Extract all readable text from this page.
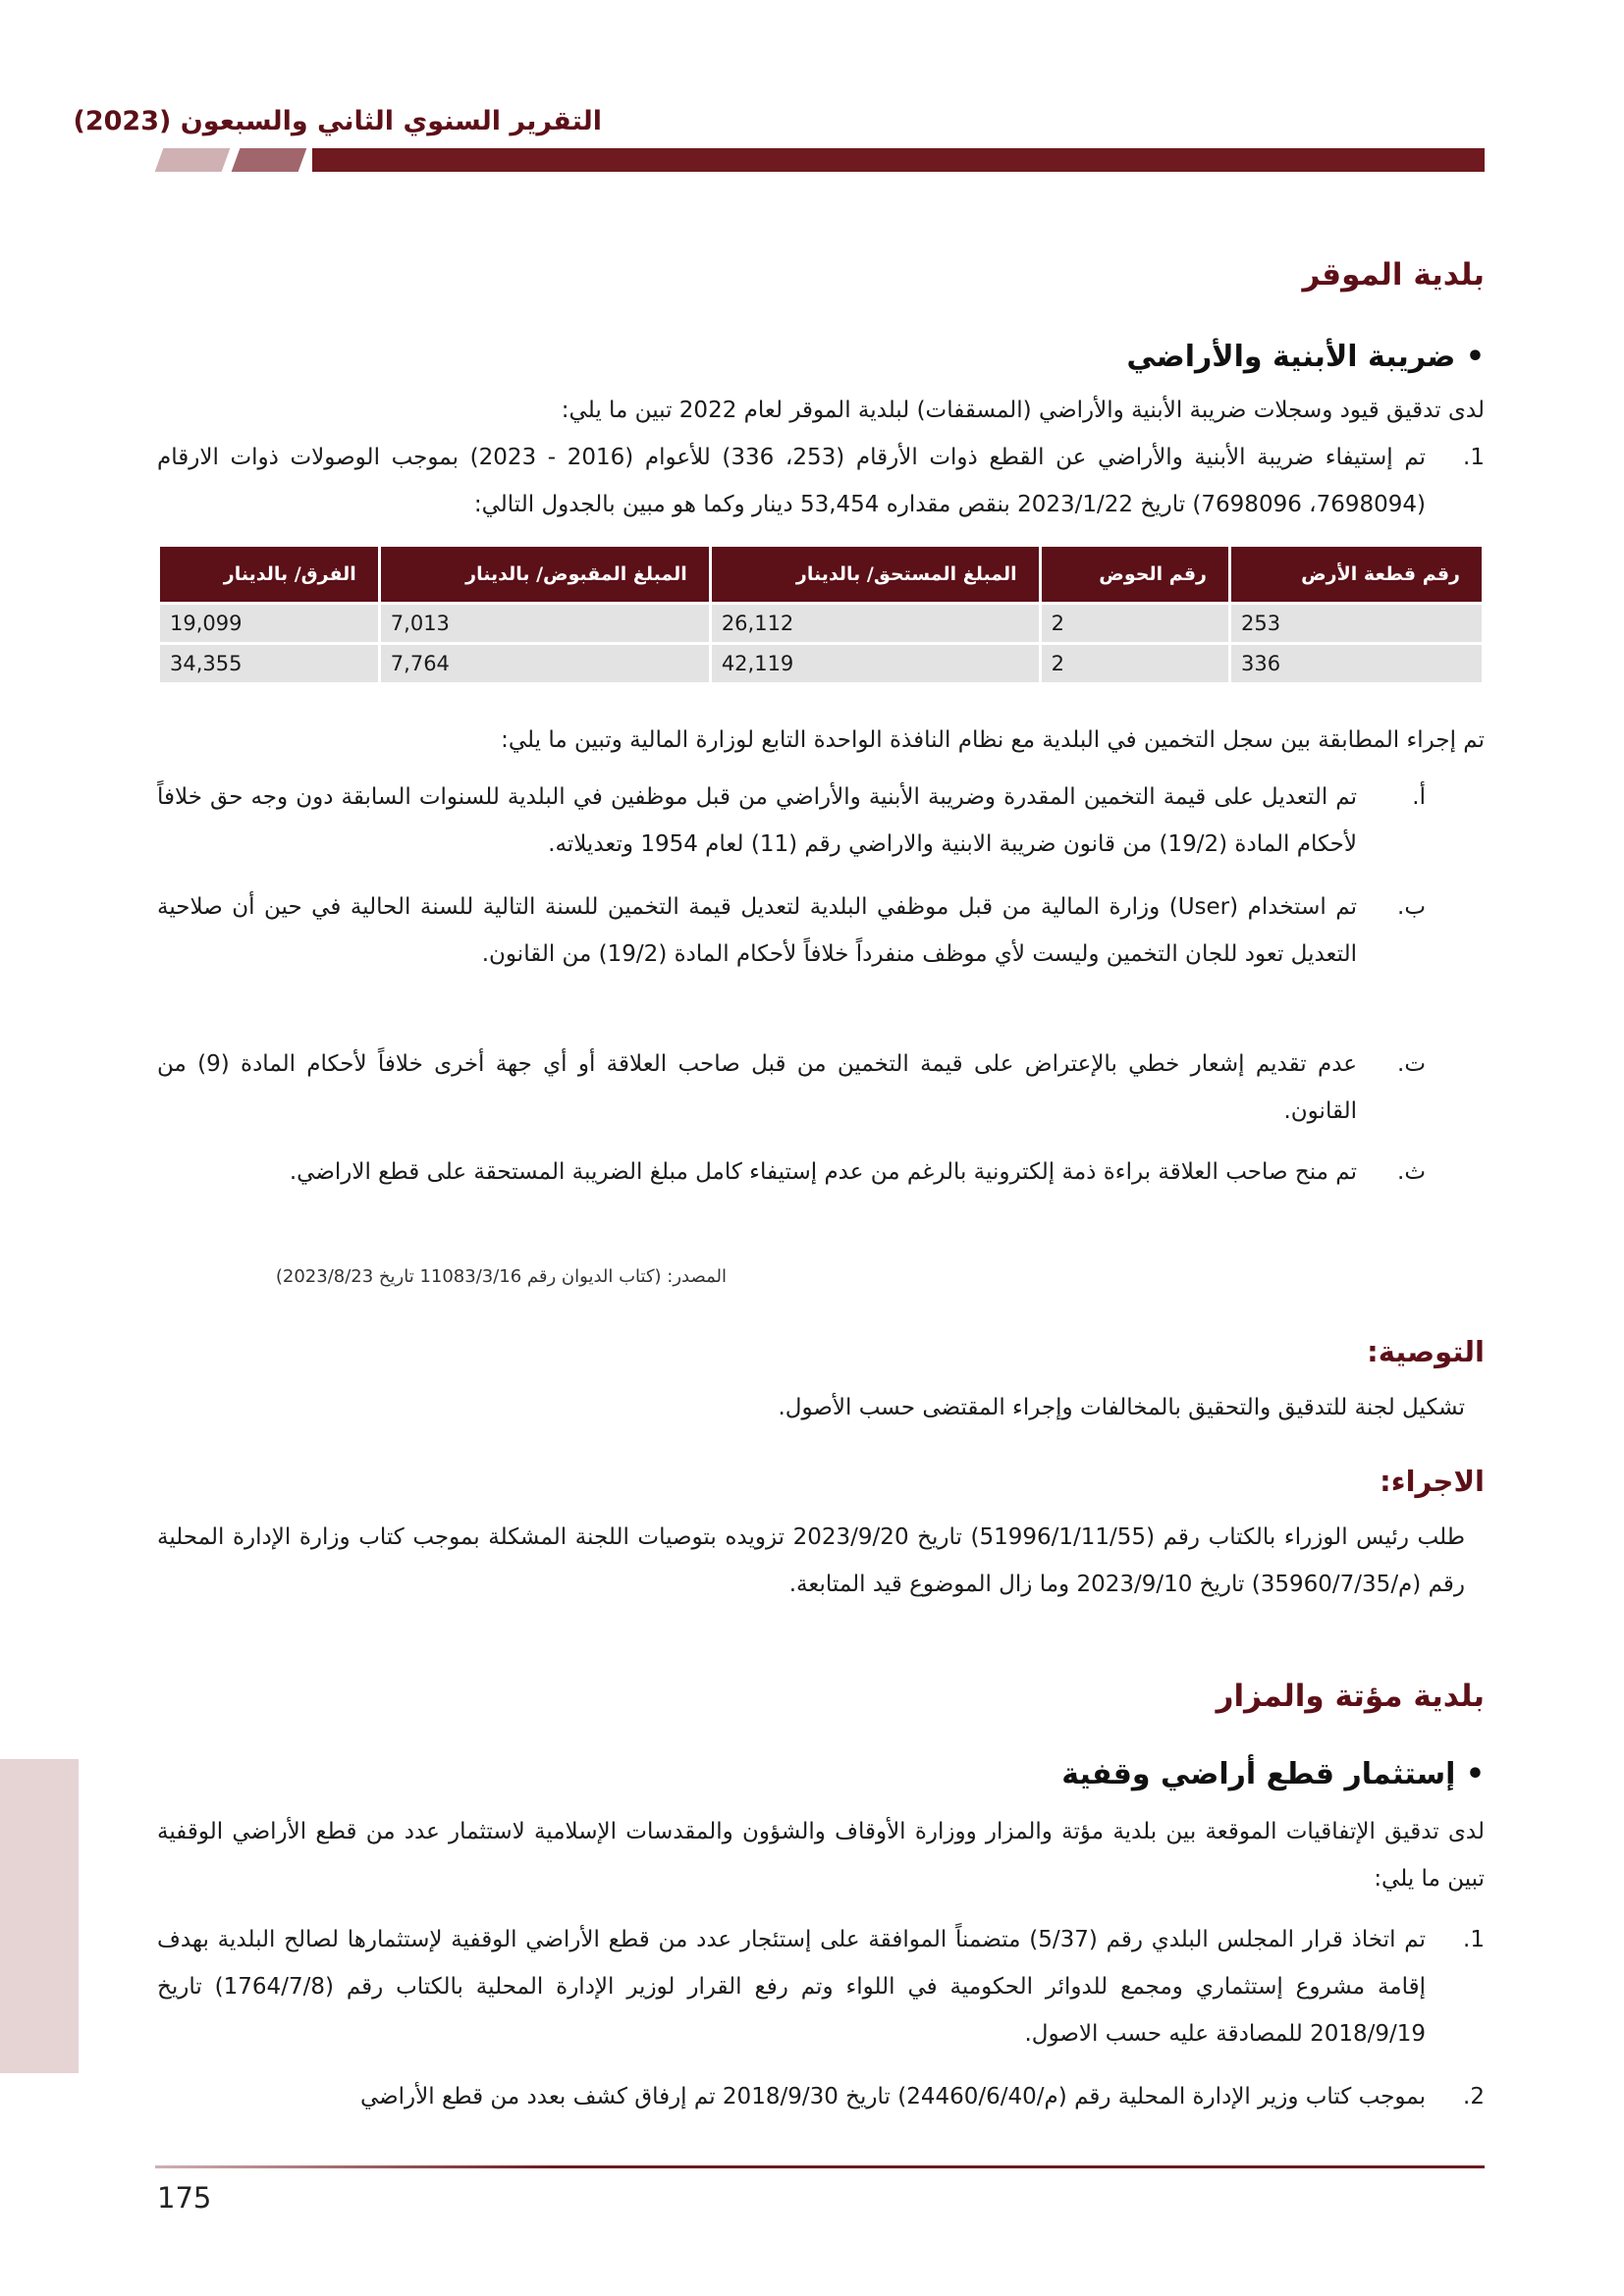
التقرير السنوي الثاني والسبعون (2023)
بلدية الموقر
• ضريبة الأبنية والأراضي
لدى تدقيق قيود وسجلات ضريبة الأبنية والأراضي (المسقفات) لبلدية الموقر لعام 2022 تبين ما يلي:
1.
تم إستيفاء ضريبة الأبنية والأراضي عن القطع ذوات الأرقام (253، 336) للأعوام (2016 - 2023) بموجب الوصولات ذوات الارقام (7698094، 7698096) تاريخ 2023/1/22 بنقص مقداره 53,454 دينار وكما هو مبين بالجدول التالي:
رقم قطعة الأرض	رقم الحوض	المبلغ المستحق/ بالدينار	المبلغ المقبوض/ بالدينار	الفرق/ بالدينار
253	2	26,112	7,013	19,099
336	2	42,119	7,764	34,355
تم إجراء المطابقة بين سجل التخمين في البلدية مع نظام النافذة الواحدة التابع لوزارة المالية وتبين ما يلي:
أ.
تم التعديل على قيمة التخمين المقدرة وضريبة الأبنية والأراضي من قبل موظفين في البلدية للسنوات السابقة دون وجه حق خلافاً لأحكام المادة (19/2) من قانون ضريبة الابنية والاراضي رقم (11) لعام 1954 وتعديلاته.
ب.
تم استخدام (User) وزارة المالية من قبل موظفي البلدية لتعديل قيمة التخمين للسنة التالية للسنة الحالية في حين أن صلاحية التعديل تعود للجان التخمين وليست لأي موظف منفرداً خلافاً لأحكام المادة (19/2) من القانون.
ت.
عدم تقديم إشعار خطي بالإعتراض على قيمة التخمين من قبل صاحب العلاقة أو أي جهة أخرى خلافاً لأحكام المادة (9) من القانون.
ث.
تم منح صاحب العلاقة براءة ذمة إلكترونية بالرغم من عدم إستيفاء كامل مبلغ الضريبة المستحقة على قطع الاراضي.
المصدر: (كتاب الديوان رقم 11083/3/16 تاريخ 2023/8/23)
التوصية:
تشكيل لجنة للتدقيق والتحقيق بالمخالفات وإجراء المقتضى حسب الأصول.
الاجراء:
طلب رئيس الوزراء بالكتاب رقم (51996/1/11/55) تاريخ 2023/9/20 تزويده بتوصيات اللجنة المشكلة بموجب كتاب وزارة الإدارة المحلية رقم (م/35960/7/35) تاريخ 2023/9/10 وما زال الموضوع قيد المتابعة.
بلدية مؤتة والمزار
• إستثمار قطع أراضي وقفية
لدى تدقيق الإتفاقيات الموقعة بين بلدية مؤتة والمزار ووزارة الأوقاف والشؤون والمقدسات الإسلامية لاستثمار عدد من قطع الأراضي الوقفية تبين ما يلي:
1.
تم اتخاذ قرار المجلس البلدي رقم (5/37) متضمناً الموافقة على إستئجار عدد من قطع الأراضي الوقفية لإستثمارها لصالح البلدية بهدف إقامة مشروع إستثماري ومجمع للدوائر الحكومية في اللواء وتم رفع القرار لوزير الإدارة المحلية بالكتاب رقم (1764/7/8) تاريخ 2018/9/19 للمصادقة عليه حسب الاصول.
2.
بموجب كتاب وزير الإدارة المحلية رقم (م/24460/6/40) تاريخ 2018/9/30 تم إرفاق كشف بعدد من قطع الأراضي
175
